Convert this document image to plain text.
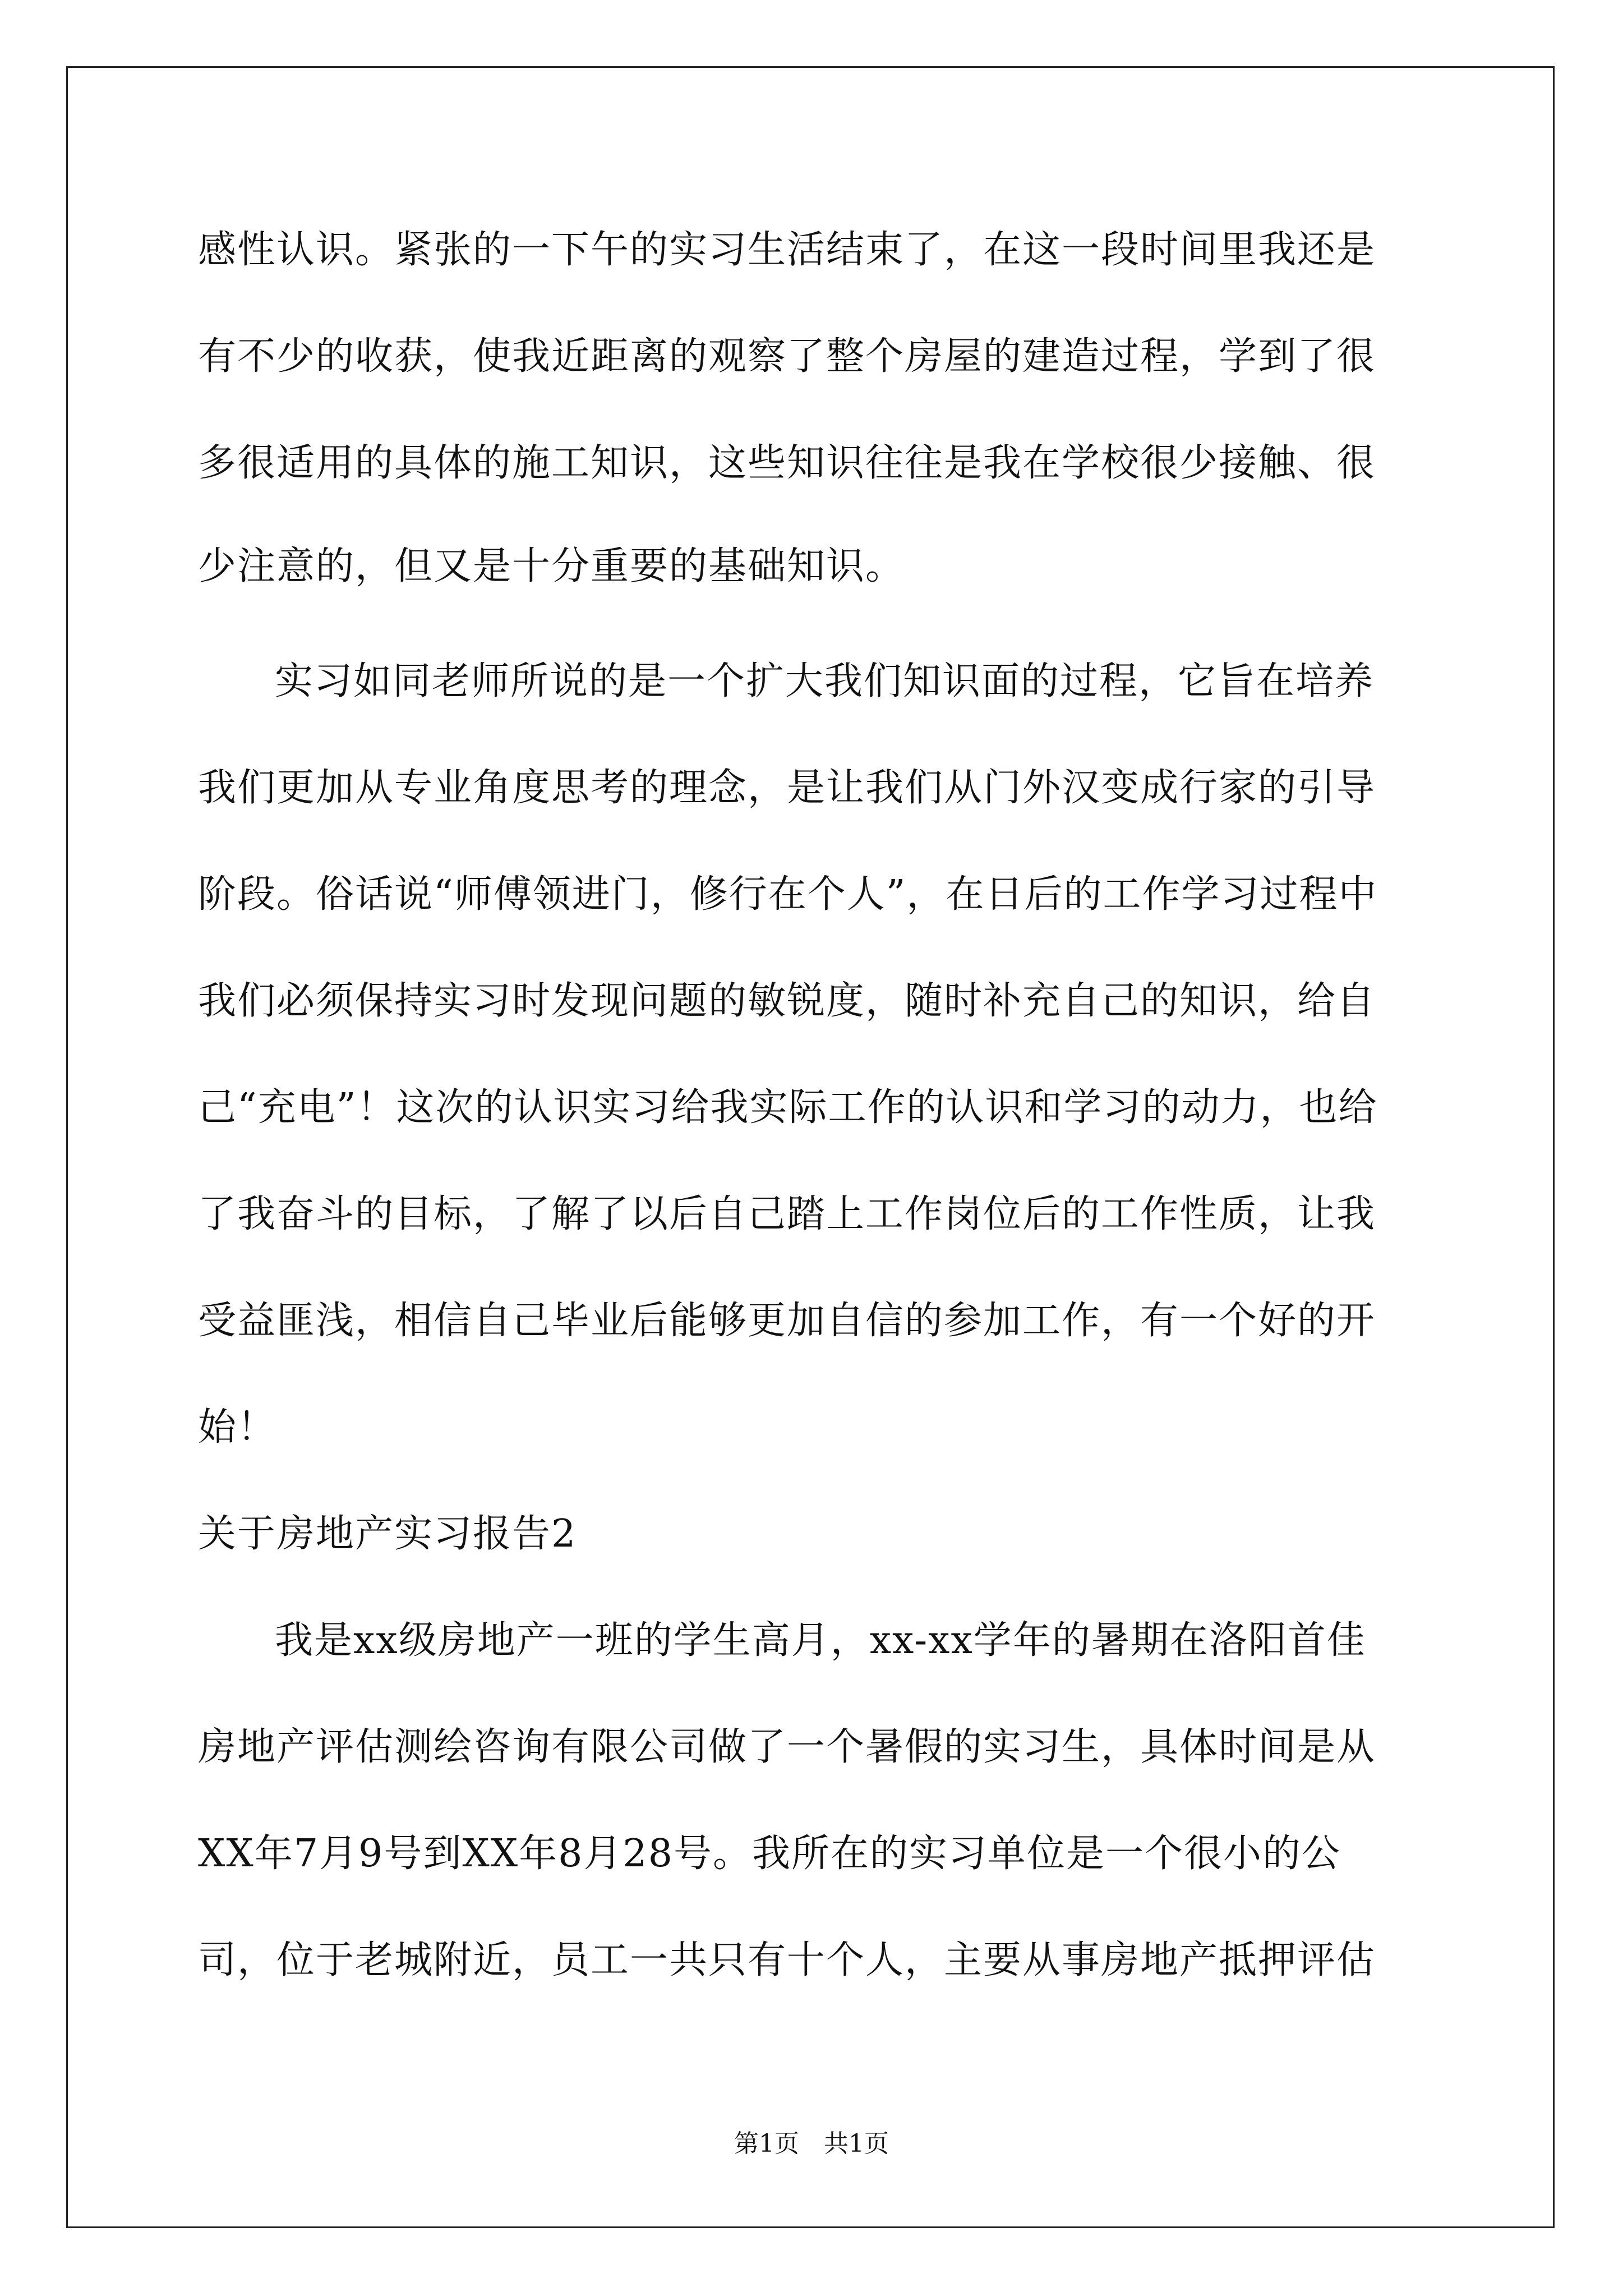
感性认识。紧张的一下午的实习生活结束了，在这一段时间里我还是
有不少的收获，使我近距离的观察了整个房屋的建造过程，学到了很
多很适用的具体的施工知识，这些知识往往是我在学校很少接触、很
少注意的，但又是十分重要的基础知识。
实习如同老师所说的是一个扩大我们知识面的过程，它旨在培养
我们更加从专业角度思考的理念，是让我们从门外汉变成行家的引导
阶段。俗话说“师傅领进门，修行在个人”，在日后的工作学习过程中
我们必须保持实习时发现问题的敏锐度，随时补充自己的知识，给自
己“充电”！这次的认识实习给我实际工作的认识和学习的动力，也给
了我奋斗的目标，了解了以后自己踏上工作岗位后的工作性质，让我
受益匪浅，相信自己毕业后能够更加自信的参加工作，有一个好的开
始！
关于房地产实习报告2
我是xx级房地产一班的学生高月，xx-xx学年的暑期在洛阳首佳
房地产评估测绘咨询有限公司做了一个暑假的实习生，具体时间是从
XX年7月9号到XX年8月28号。我所在的实习单位是一个很小的公
司，位于老城附近，员工一共只有十个人，主要从事房地产抵押评估
第1页　共1页
